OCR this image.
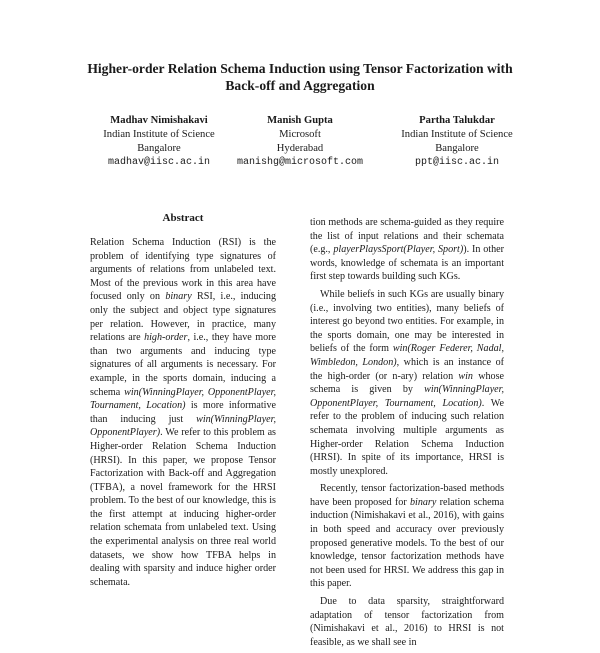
Higher-order Relation Schema Induction using Tensor Factorization with
Back-off and Aggregation
Madhav Nimishakavi
Indian Institute of Science
Bangalore
madhav@iisc.ac.in
Manish Gupta
Microsoft
Hyderabad
manishg@microsoft.com
Partha Talukdar
Indian Institute of Science
Bangalore
ppt@iisc.ac.in
Abstract
Relation Schema Induction (RSI) is the problem of identifying type signatures of arguments of relations from unlabeled text. Most of the previous work in this area have focused only on binary RSI, i.e., inducing only the subject and object type signatures per relation. However, in practice, many relations are high-order, i.e., they have more than two arguments and inducing type signatures of all arguments is necessary. For example, in the sports domain, inducing a schema win(WinningPlayer, OpponentPlayer, Tournament, Location) is more informative than inducing just win(WinningPlayer, OpponentPlayer). We refer to this problem as Higher-order Relation Schema Induction (HRSI). In this paper, we propose Tensor Factorization with Back-off and Aggregation (TFBA), a novel framework for the HRSI problem. To the best of our knowledge, this is the first attempt at inducing higher-order relation schemata from unlabeled text. Using the experimental analysis on three real world datasets, we show how TFBA helps in dealing with sparsity and induce higher order schemata.

tion methods are schema-guided as they require the list of input relations and their schemata (e.g., playerPlaysSport(Player, Sport)). In other words, knowledge of schemata is an important first step towards building such KGs.

While beliefs in such KGs are usually binary (i.e., involving two entities), many beliefs of interest go beyond two entities. For example, in the sports domain, one may be interested in beliefs of the form win(Roger Federer, Nadal, Wimbledon, London), which is an instance of the high-order (or n-ary) relation win whose schema is given by win(WinningPlayer, OpponentPlayer, Tournament, Location). We refer to the problem of inducing such relation schemata involving multiple arguments as Higher-order Relation Schema Induction (HRSI). In spite of its importance, HRSI is mostly unexplored.

Recently, tensor factorization-based methods have been proposed for binary relation schema induction (Nimishakavi et al., 2016), with gains in both speed and accuracy over previously proposed generative models. To the best of our knowledge, tensor factorization methods have not been used for HRSI. We address this gap in this paper.

Due to data sparsity, straightforward adaptation of tensor factorization from (Nimishakavi et al., 2016) to HRSI is not feasible, as we shall see in
